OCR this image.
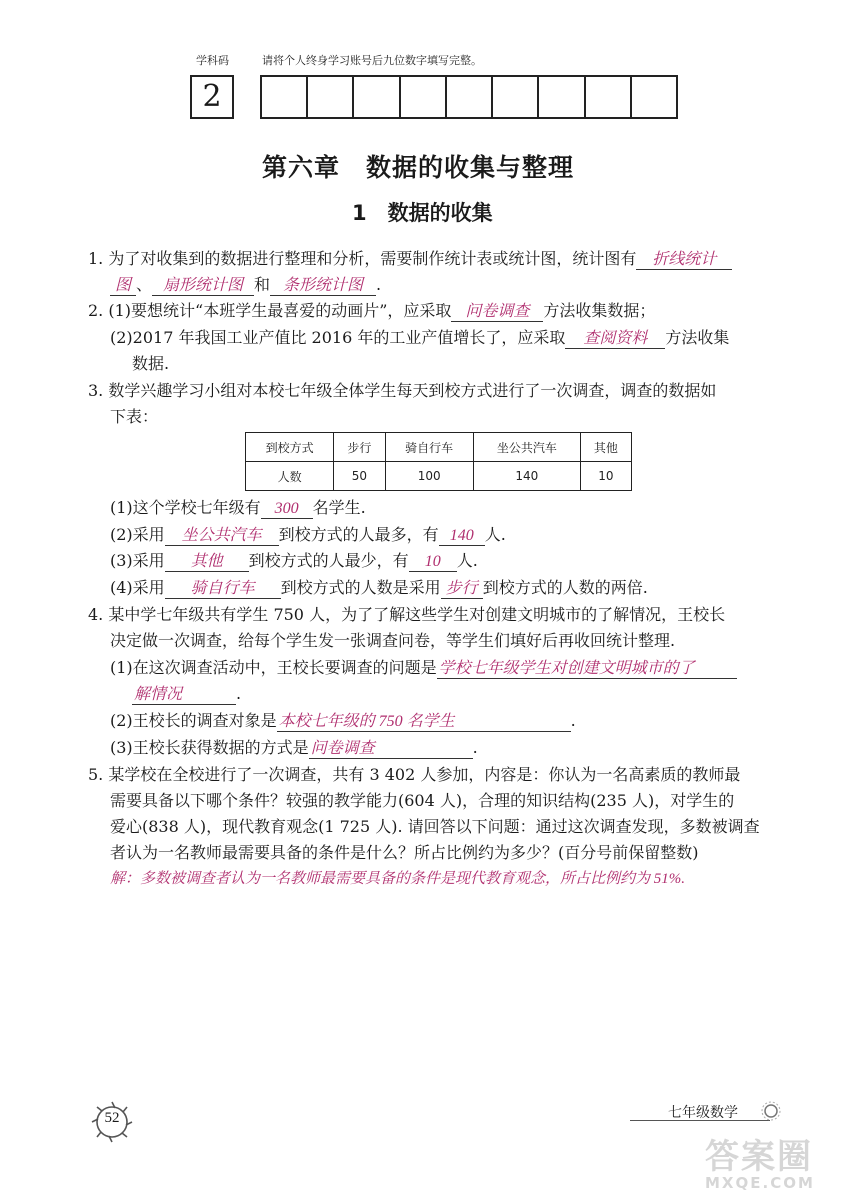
学科码	请将个人终身学习账号后九位数字填写完整。
2
第六章　数据的收集与整理
1　数据的收集
1. 为了对收集到的数据进行整理和分析，需要制作统计表或统计图，统计图有 折线统计
图 、 扇形统计图 和 条形统计图 .
2. (1)要想统计“本班学生最喜爱的动画片”，应采取 问卷调查 方法收集数据；
(2)2017 年我国工业产值比 2016 年的工业产值增长了，应采取 查阅资料 方法收集
数据.
3. 数学兴趣学习小组对本校七年级全体学生每天到校方式进行了一次调查，调查的数据如
下表：
到校方式	步行	骑自行车	坐公共汽车	其他
人数	50	100	140	10
(1)这个学校七年级有 300 名学生.
(2)采用 坐公共汽车 到校方式的人最多，有 140 人.
(3)采用 其他 到校方式的人最少，有 10 人.
(4)采用 骑自行车 到校方式的人数是采用 步行 到校方式的人数的两倍.
4. 某中学七年级共有学生 750 人，为了了解这些学生对创建文明城市的了解情况，王校长
决定做一次调查，给每个学生发一张调查问卷，等学生们填好后再收回统计整理.
(1)在这次调查活动中，王校长要调查的问题是 学校七年级学生对创建文明城市的了
解情况	.
(2)王校长的调查对象是 本校七年级的 750 名学生	.
(3)王校长获得数据的方式是 问卷调查	.
5. 某学校在全校进行了一次调查，共有 3 402 人参加，内容是：你认为一名高素质的教师最
需要具备以下哪个条件？较强的教学能力(604 人)，合理的知识结构(235 人)，对学生的
爱心(838 人)，现代教育观念(1 725 人). 请回答以下问题：通过这次调查发现，多数被调查
者认为一名教师最需要具备的条件是什么？所占比例约为多少？(百分号前保留整数)
解：多数被调查者认为一名教师最需要具备的条件是现代教育观念，所占比例约为 51%.
52	七年级数学
答案圈
MXQE.COM
